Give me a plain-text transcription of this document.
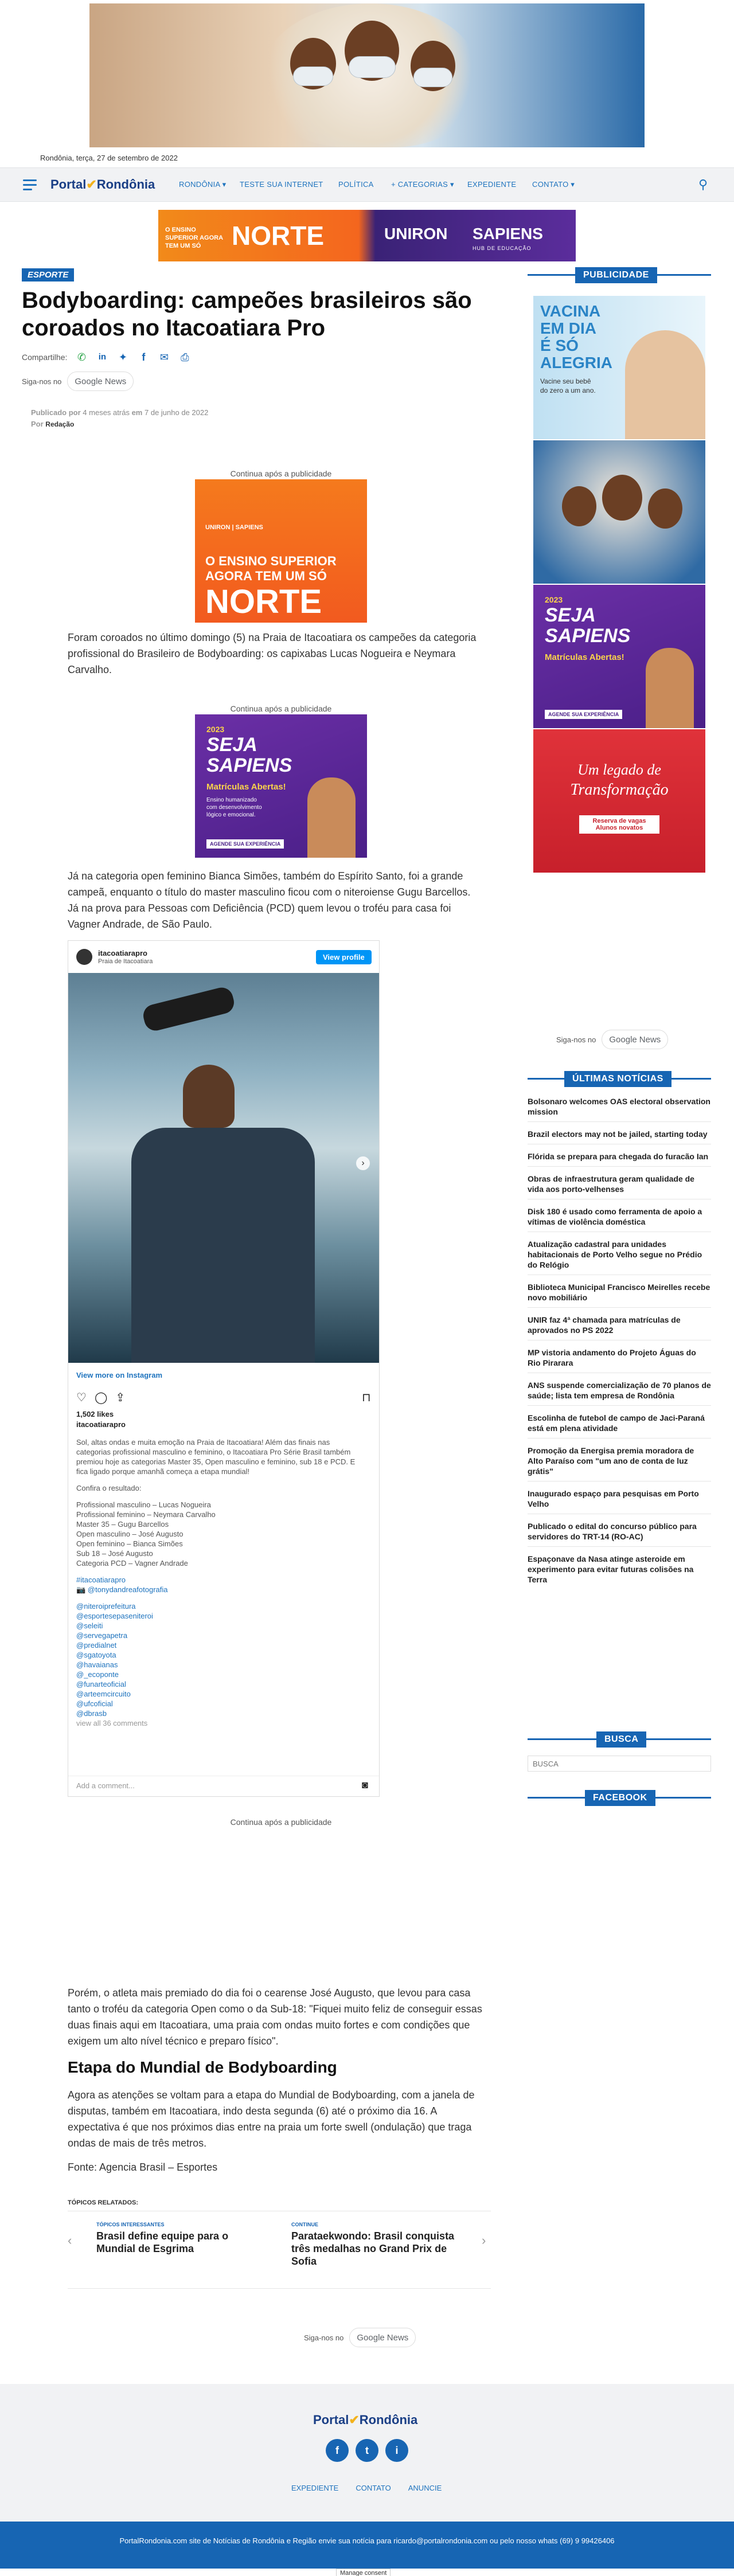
Rondônia, terça, 27 de setembro de 2022
Portal✔Rondônia	RONDÔNIA ▾ TESTE SUA INTERNET POLÍTICA + CATEGORIAS ▾ EXPEDIENTE CONTATO ▾	⚲
O ENSINO SUPERIOR AGORA TEM UM SÓ	NORTE	UNIRON SAPIENS
HUB DE EDUCAÇÃO
ESPORTE
Bodyboarding: campeões brasileiros são coroados no Itacoatiara Pro
Compartilhe: ✆ in ✦	f	✉ ⎙
Siga-nos no Google News
Publicado por 4 meses atrás em 7 de junho de 2022
Por Redação
Continua após a publicidade
UNIRON | SAPIENS
O ENSINO SUPERIOR
AGORA TEM UM SÓ
NORTE

Foram coroados no último domingo (5) na Praia de Itacoatiara os campeões da categoria profissional do Brasileiro de Bodyboarding: os capixabas Lucas Nogueira e Neymara Carvalho.

Continua após a publicidade
2023
SEJA
SAPIENS
Matrículas Abertas!
Ensino humanizado
com desenvolvimento
lógico e emocional.
AGENDE SUA EXPERIÊNCIA

Já na categoria open feminino Bianca Simões, também do Espírito Santo, foi a grande campeã, enquanto o título do master masculino ficou com o niteroiense Gugu Barcellos. Já na prova para Pessoas com Deficiência (PCD) quem levou o troféu para casa foi Vagner Andrade, de São Paulo.

itacoatiarapro
Praia de Itacoatiara	View profile
›
View more on Instagram
♡ ◯ ⇪	⊓
1,502 likes
itacoatiarapro
Sol, altas ondas e muita emoção na Praia de Itacoatiara! Além das finais nas categorias profissional masculino e feminino, o Itacoatiara Pro Série Brasil também premiou hoje as categorias Master 35, Open masculino e feminino, sub 18 e PCD. E fica ligado porque amanhã começa a etapa mundial!
Confira o resultado:
Profissional masculino – Lucas Nogueira
Profissional feminino – Neymara Carvalho
Master 35 – Gugu Barcellos
Open masculino – José Augusto
Open feminino – Bianca Simões
Sub 18 – José Augusto
Categoria PCD – Vagner Andrade
#itacoatiarapro
📷 @tonydandreafotografia
@niteroiprefeitura
@esportesepaseniteroi
@seleiti
@servegapetra
@predialnet
@sgatoyota
@havaianas
@_ecoponte
@funarteoficial
@arteemcircuito
@ufcoficial
@dbrasb
view all 36 comments
Add a comment...	◙
Continua após a publicidade

Porém, o atleta mais premiado do dia foi o cearense José Augusto, que levou para casa tanto o troféu da categoria Open como o da Sub-18: "Fiquei muito feliz de conseguir essas duas finais aqui em Itacoatiara, uma praia com ondas muito fortes e com condições que exigem um alto nível técnico e preparo físico".

Etapa do Mundial de Bodyboarding

Agora as atenções se voltam para a etapa do Mundial de Bodyboarding, com a janela de disputas, também em Itacoatiara, indo desta segunda (6) até o próximo dia 16. A expectativa é que nos próximos dias entre na praia um forte swell (ondulação) que traga ondas de mais de três metros.

Fonte: Agencia Brasil – Esportes

TÓPICOS RELATADOS:
‹
TÓPICOS INTERESSANTES
Brasil define equipe para o Mundial de Esgrima
CONTINUE
Parataekwondo: Brasil conquista três medalhas no Grand Prix de Sofia
›
Siga-nos no Google News
PUBLICIDADE
VACINA
EM DIA
É SÓ
ALEGRIA
Vacine seu bebê
do zero a um ano.
2023
SEJA
SAPIENS
Matrículas Abertas!
AGENDE SUA EXPERIÊNCIA
Um legado de
Transformação
Reserva de vagas
Alunos novatos
Siga-nos no Google News
ÚLTIMAS NOTÍCIAS
Bolsonaro welcomes OAS electoral observation mission
Brazil electors may not be jailed, starting today
Flórida se prepara para chegada do furacão Ian
Obras de infraestrutura geram qualidade de vida aos porto-velhenses
Disk 180 é usado como ferramenta de apoio a vítimas de violência doméstica
Atualização cadastral para unidades habitacionais de Porto Velho segue no Prédio do Relógio
Biblioteca Municipal Francisco Meirelles recebe novo mobiliário
UNIR faz 4ª chamada para matrículas de aprovados no PS 2022
MP vistoria andamento do Projeto Águas do Rio Pirarara
ANS suspende comercialização de 70 planos de saúde; lista tem empresa de Rondônia
Escolinha de futebol de campo de Jaci-Paraná está em plena atividade
Promoção da Energisa premia moradora de Alto Paraíso com "um ano de conta de luz grátis"
Inaugurado espaço para pesquisas em Porto Velho
Publicado o edital do concurso público para servidores do TRT-14 (RO-AC)
Espaçonave da Nasa atinge asteroide em experimento para evitar futuras colisões na Terra
BUSCA
BUSCA
FACEBOOK
Portal✔Rondônia
f	t	i
EXPEDIENTE CONTATO ANUNCIE
PortalRondonia.com site de Notícias de Rondônia e Região envie sua notícia para ricardo@portalrondonia.com ou pelo nosso whats (69) 9 99426406
Manage consent
